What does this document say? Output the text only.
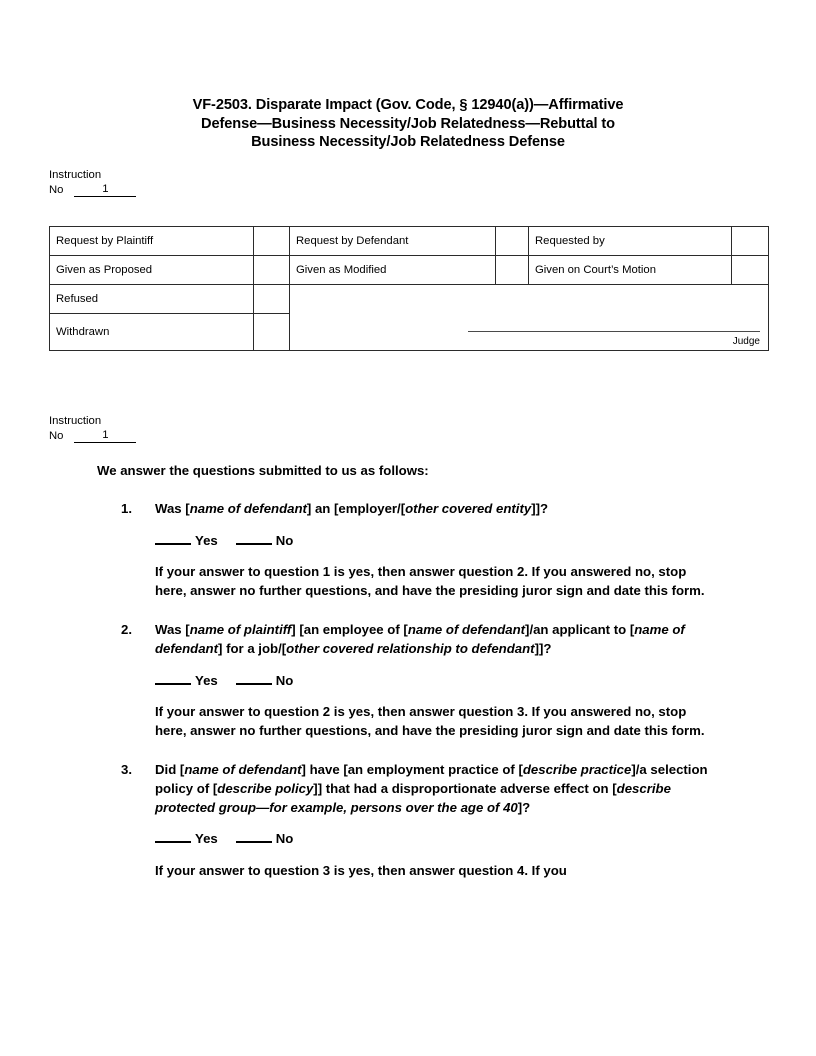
VF-2503. Disparate Impact (Gov. Code, § 12940(a))—Affirmative
Defense—Business Necessity/Job Relatedness—Rebuttal to
Business Necessity/Job Relatedness Defense
Instruction
No	1
Request by Plaintiff		Request by Defendant		Requested by	
Given as Proposed		Given as Modified		Given on Court’s Motion	
Refused		Judge			

Withdrawn					
Instruction
No	1

We answer the questions submitted to us as follows:

1.	Was [name of defendant] an [employer/[other covered entity]]?
Yes	No
If your answer to question 1 is yes, then answer question 2. If you answered no, stop here, answer no further questions, and have the presiding juror sign and date this form.
2.	Was [name of plaintiff] [an employee of [name of defendant]/an applicant to [name of defendant] for a job/[other covered relationship to defendant]]?
Yes	No
If your answer to question 2 is yes, then answer question 3. If you answered no, stop here, answer no further questions, and have the presiding juror sign and date this form.
3.	Did [name of defendant] have [an employment practice of [describe practice]/a selection policy of [describe policy]] that had a disproportionate adverse effect on [describe protected group—for example, persons over the age of 40]?
Yes	No
If your answer to question 3 is yes, then answer question 4. If you
